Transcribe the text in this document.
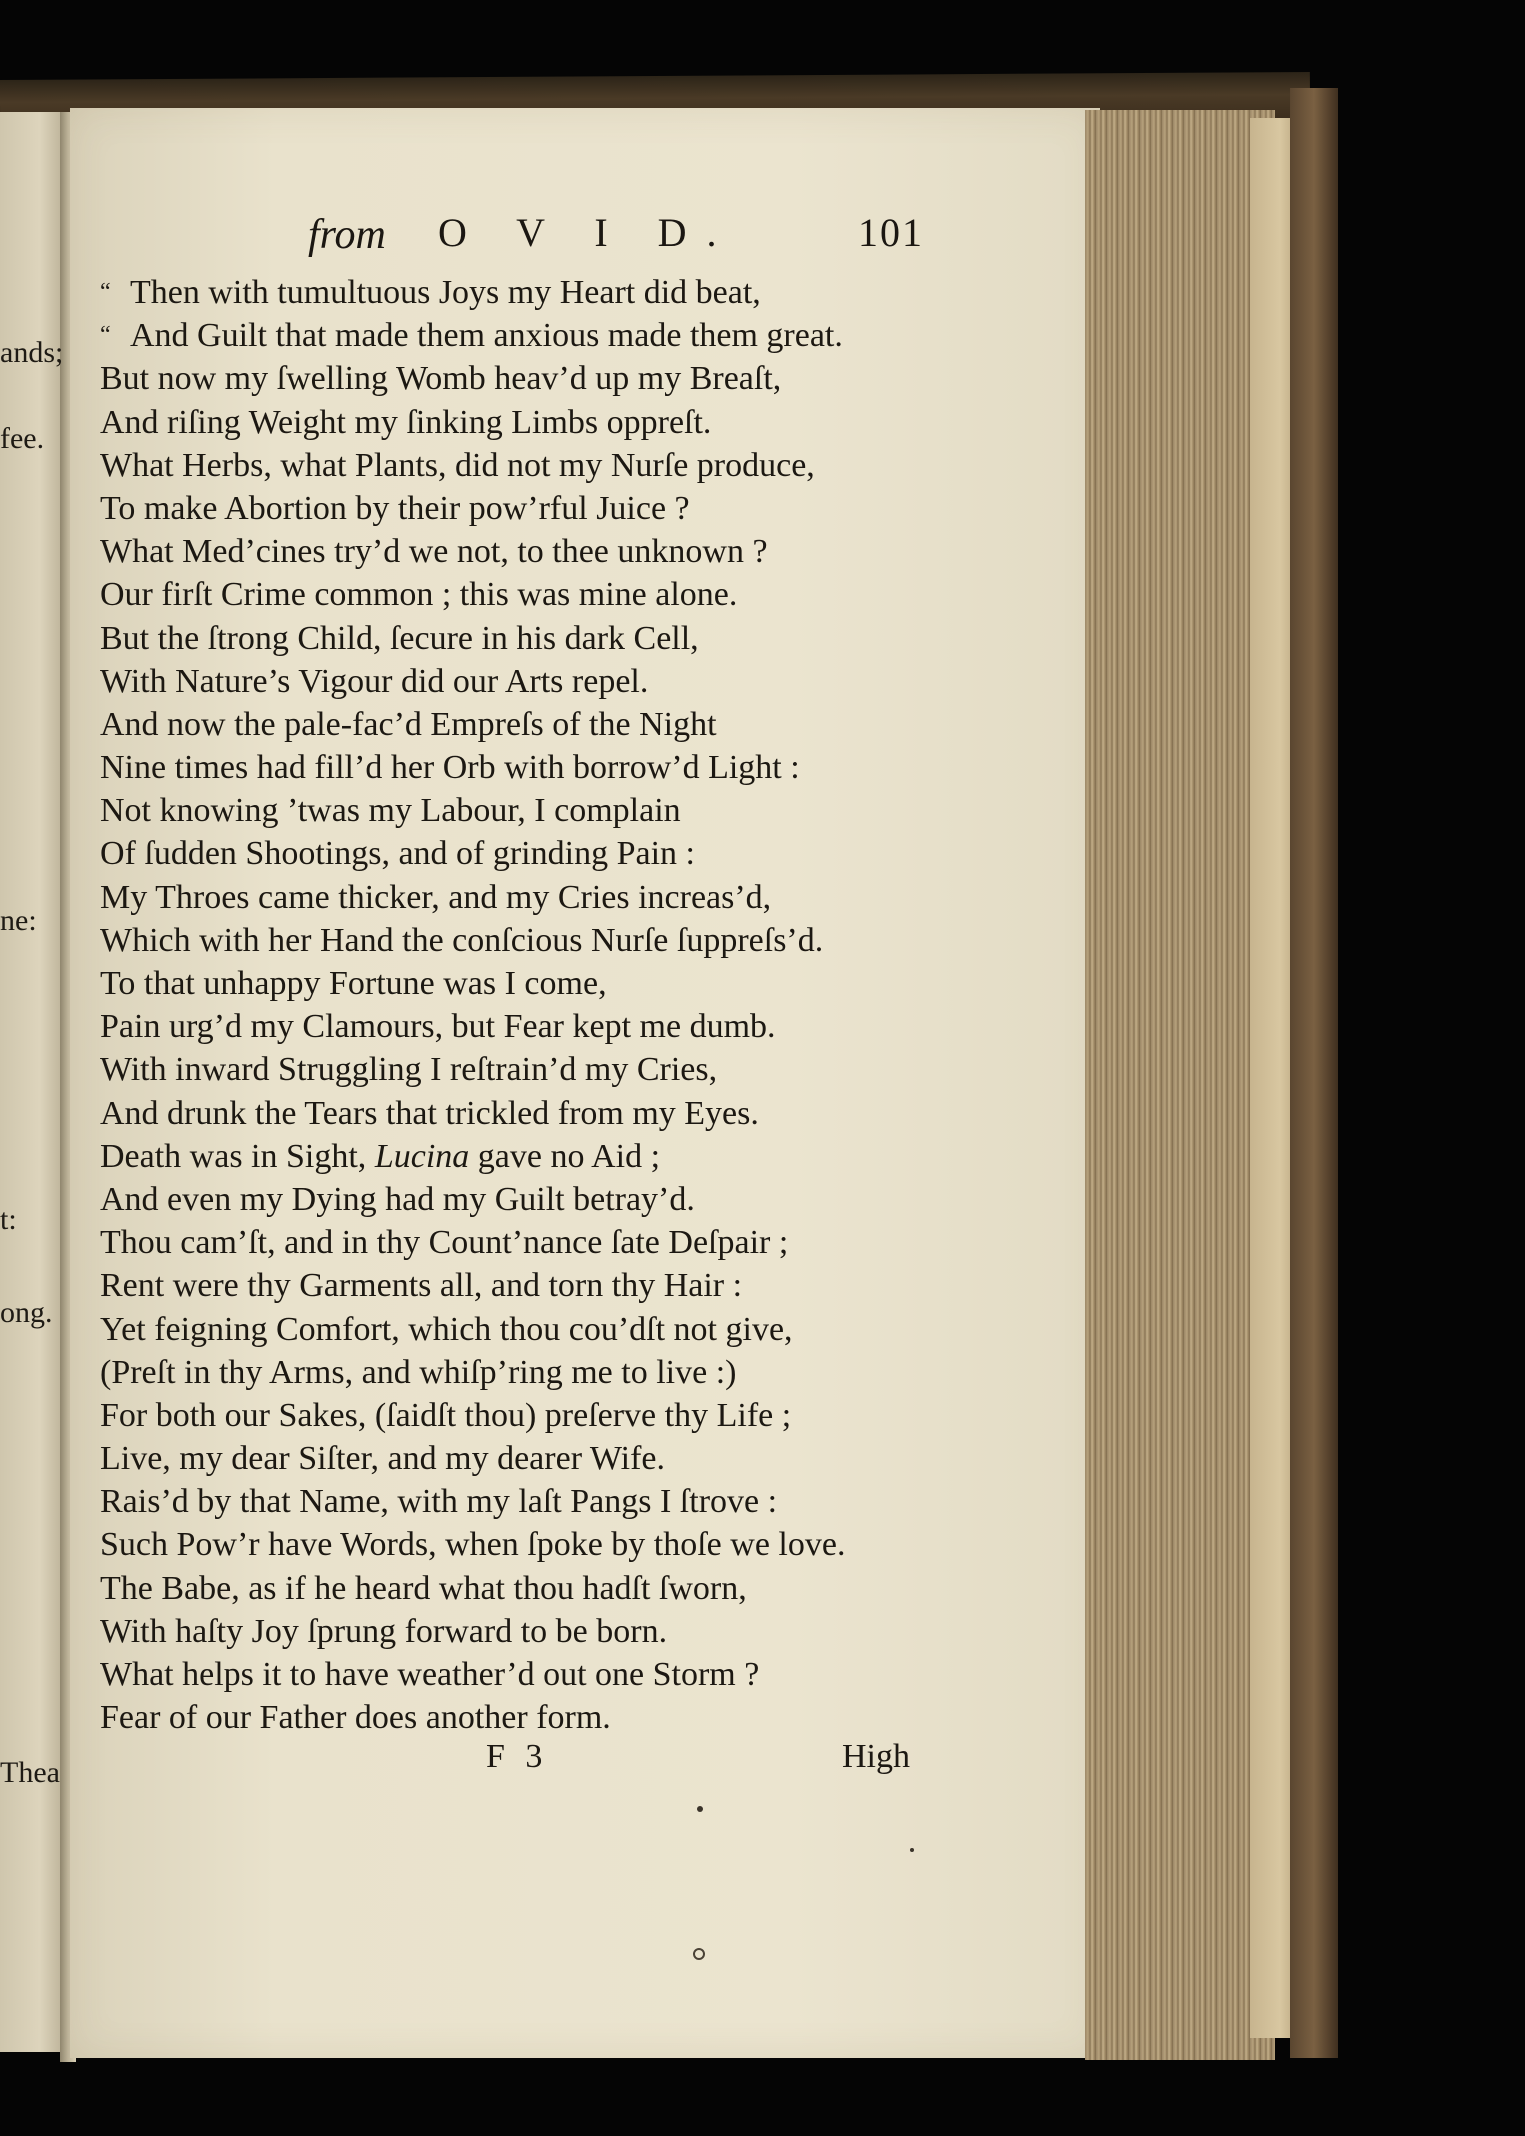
ands;
fee.
ne:
t:
ong.
Thea
from O V I D.	101
“ Then with tumultuous Joys my Heart did beat,
“ And Guilt that made them anxious made them great.
But now my ſwelling Womb heav’d up my Breaſt,
And riſing Weight my ſinking Limbs oppreſt.
What Herbs, what Plants, did not my Nurſe produce,
To make Abortion by their pow’rful Juice ?
What Med’cines try’d we not, to thee unknown ?
Our firſt Crime common ; this was mine alone.
But the ſtrong Child, ſecure in his dark Cell,
With Nature’s Vigour did our Arts repel.
And now the pale-fac’d Empreſs of the Night
Nine times had fill’d her Orb with borrow’d Light :
Not knowing ’twas my Labour, I complain
Of ſudden Shootings, and of grinding Pain :
My Throes came thicker, and my Cries increas’d,
Which with her Hand the conſcious Nurſe ſuppreſs’d.
To that unhappy Fortune was I come,
Pain urg’d my Clamours, but Fear kept me dumb.
With inward Struggling I reſtrain’d my Cries,
And drunk the Tears that trickled from my Eyes.
Death was in Sight, Lucina gave no Aid ;
And even my Dying had my Guilt betray’d.
Thou cam’ſt, and in thy Count’nance ſate Deſpair ;
Rent were thy Garments all, and torn thy Hair :
Yet feigning Comfort, which thou cou’dſt not give,
(Preſt in thy Arms, and whiſp’ring me to live :)
For both our Sakes, (ſaidſt thou) preſerve thy Life ;
Live, my dear Siſter, and my dearer Wife.
Rais’d by that Name, with my laſt Pangs I ſtrove :
Such Pow’r have Words, when ſpoke by thoſe we love.
The Babe, as if he heard what thou hadſt ſworn,
With haſty Joy ſprung forward to be born.
What helps it to have weather’d out one Storm ?
Fear of our Father does another form.
F 3	High
